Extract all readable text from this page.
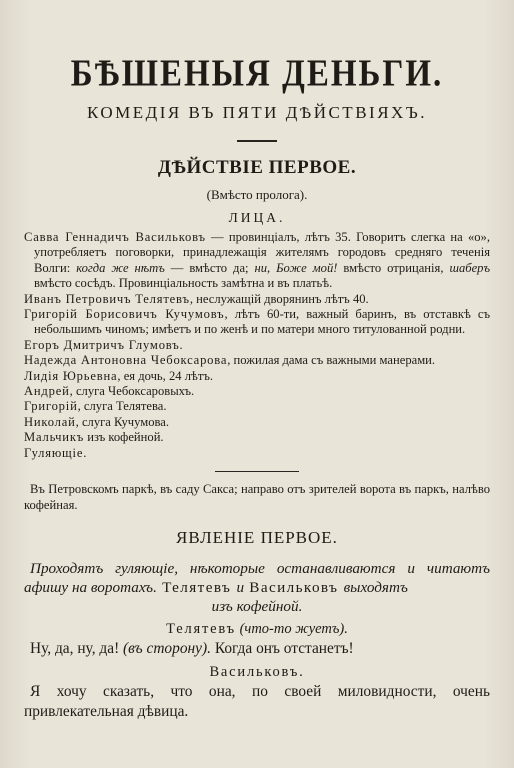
БѢШЕНЫЯ ДЕНЬГИ.
КОМЕДІЯ ВЪ ПЯТИ ДѢЙСТВІЯХЪ.
ДѢЙСТВІЕ ПЕРВОЕ.
(Вмѣсто пролога).
ЛИЦА.
Савва Геннадичъ Васильковъ — провинціалъ, лѣтъ 35. Говоритъ слегка на «о», употребляетъ поговорки, принадлежащія жителямъ городовъ средняго теченія Волги: когда же нѣтъ — вмѣсто да; ни, Боже мой! вмѣсто отрицанія, шаберъ вмѣсто сосѣдъ. Провинціальность замѣтна и въ платьѣ.
Иванъ Петровичъ Телятевъ, неслужащій дворянинъ лѣтъ 40.
Григорій Борисовичъ Кучумовъ, лѣтъ 60-ти, важный баринъ, въ отставкѣ съ небольшимъ чиномъ; имѣетъ и по женѣ и по матери много титулованной родни.
Егоръ Дмитричъ Глумовъ.
Надежда Антоновна Чебоксарова, пожилая дама съ важными манерами.
Лидія Юрьевна, ея дочь, 24 лѣтъ.
Андрей, слуга Чебоксаровыхъ.
Григорій, слуга Телятева.
Николай, слуга Кучумова.
Мальчикъ изъ кофейной.
Гуляющіе.
Въ Петровскомъ паркѣ, въ саду Сакса; направо отъ зрителей ворота въ паркъ, налѣво кофейная.
ЯВЛЕНІЕ ПЕРВОЕ.
Проходятъ гуляющіе, нѣкоторые останавливаются и читаютъ афишу на воротахъ. Телятевъ и Васильковъ выходятъ
изъ кофейной.
Телятевъ (что-то жуетъ).
Ну, да, ну, да! (въ сторону). Когда онъ отстанетъ!
Васильковъ.
Я хочу сказать, что она, по своей миловидности, очень привлекательная дѣвица.
